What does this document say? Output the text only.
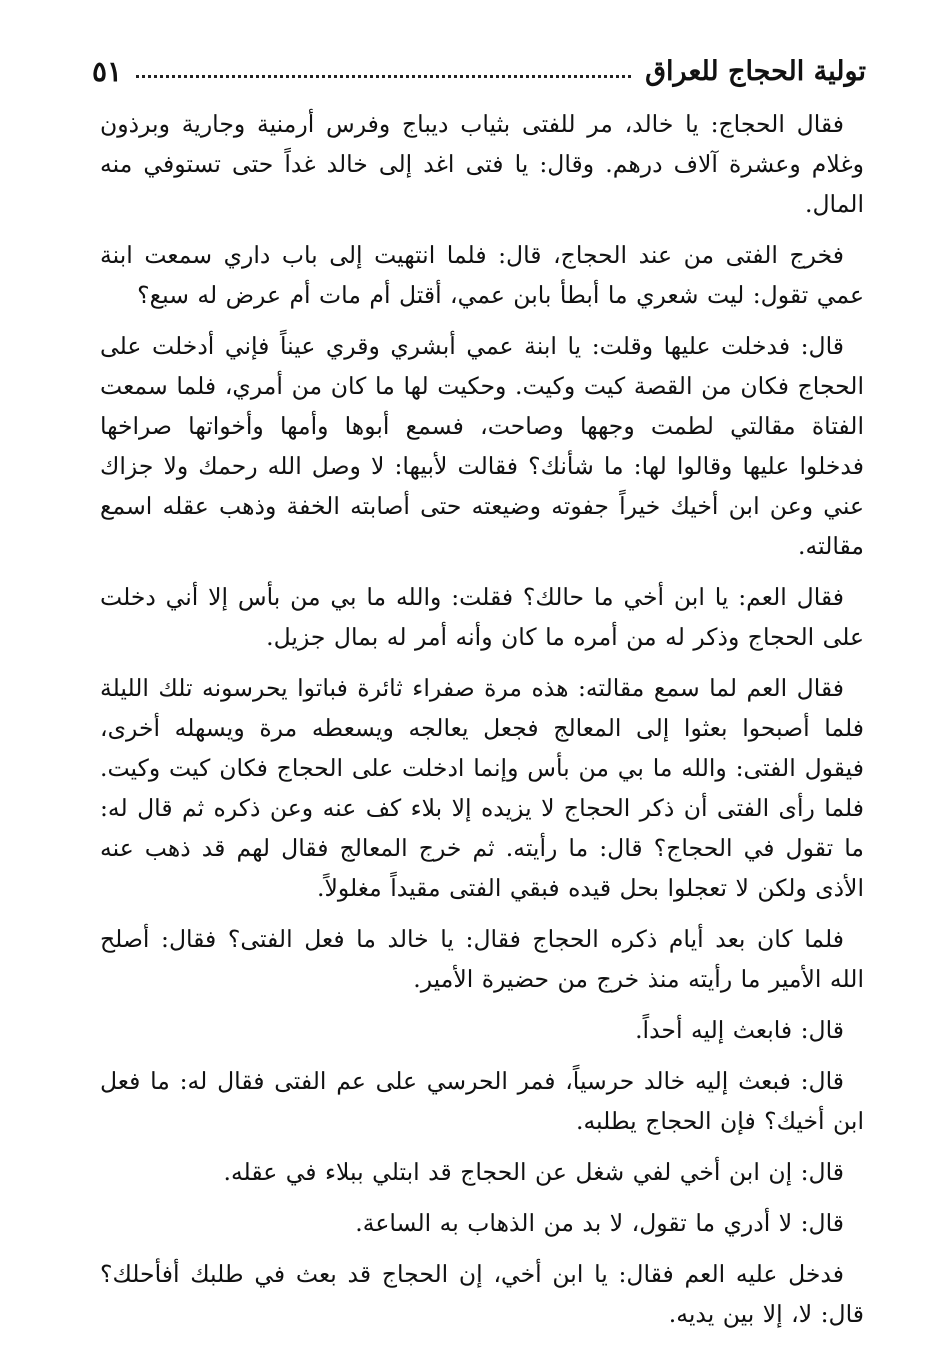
تولية الحجاج للعراق
٥١

فقال الحجاج: يا خالد، مر للفتى بثياب ديباج وفرس أرمنية وجارية وبرذون وغلام وعشرة آلاف درهم. وقال: يا فتى اغد إلى خالد غداً حتى تستوفي منه المال.

فخرج الفتى من عند الحجاج، قال: فلما انتهيت إلى باب داري سمعت ابنة عمي تقول: ليت شعري ما أبطأ بابن عمي، أقتل أم مات أم عرض له سبع؟

قال: فدخلت عليها وقلت: يا ابنة عمي أبشري وقري عيناً فإني أدخلت على الحجاج فكان من القصة كيت وكيت. وحكيت لها ما كان من أمري، فلما سمعت الفتاة مقالتي لطمت وجهها وصاحت، فسمع أبوها وأمها وأخواتها صراخها فدخلوا عليها وقالوا لها: ما شأنك؟ فقالت لأبيها: لا وصل الله رحمك ولا جزاك عني وعن ابن أخيك خيراً جفوته وضيعته حتى أصابته الخفة وذهب عقله اسمع مقالته.

فقال العم: يا ابن أخي ما حالك؟ فقلت: والله ما بي من بأس إلا أني دخلت على الحجاج وذكر له من أمره ما كان وأنه أمر له بمال جزيل.

فقال العم لما سمع مقالته: هذه مرة صفراء ثائرة فباتوا يحرسونه تلك الليلة فلما أصبحوا بعثوا إلى المعالج فجعل يعالجه ويسعطه مرة ويسهله أخرى، فيقول الفتى: والله ما بي من بأس وإنما ادخلت على الحجاج فكان كيت وكيت. فلما رأى الفتى أن ذكر الحجاج لا يزيده إلا بلاء كف عنه وعن ذكره ثم قال له: ما تقول في الحجاج؟ قال: ما رأيته. ثم خرج المعالج فقال لهم قد ذهب عنه الأذى ولكن لا تعجلوا بحل قيده فبقي الفتى مقيداً مغلولاً.

فلما كان بعد أيام ذكره الحجاج فقال: يا خالد ما فعل الفتى؟ فقال: أصلح الله الأمير ما رأيته منذ خرج من حضيرة الأمير.

قال: فابعث إليه أحداً.

قال: فبعث إليه خالد حرسياً، فمر الحرسي على عم الفتى فقال له: ما فعل ابن أخيك؟ فإن الحجاج يطلبه.

قال: إن ابن أخي لفي شغل عن الحجاج قد ابتلي ببلاء في عقله.

قال: لا أدري ما تقول، لا بد من الذهاب به الساعة.

فدخل عليه العم فقال: يا ابن أخي، إن الحجاج قد بعث في طلبك أفأحلك؟ قال: لا، إلا بين يديه.
